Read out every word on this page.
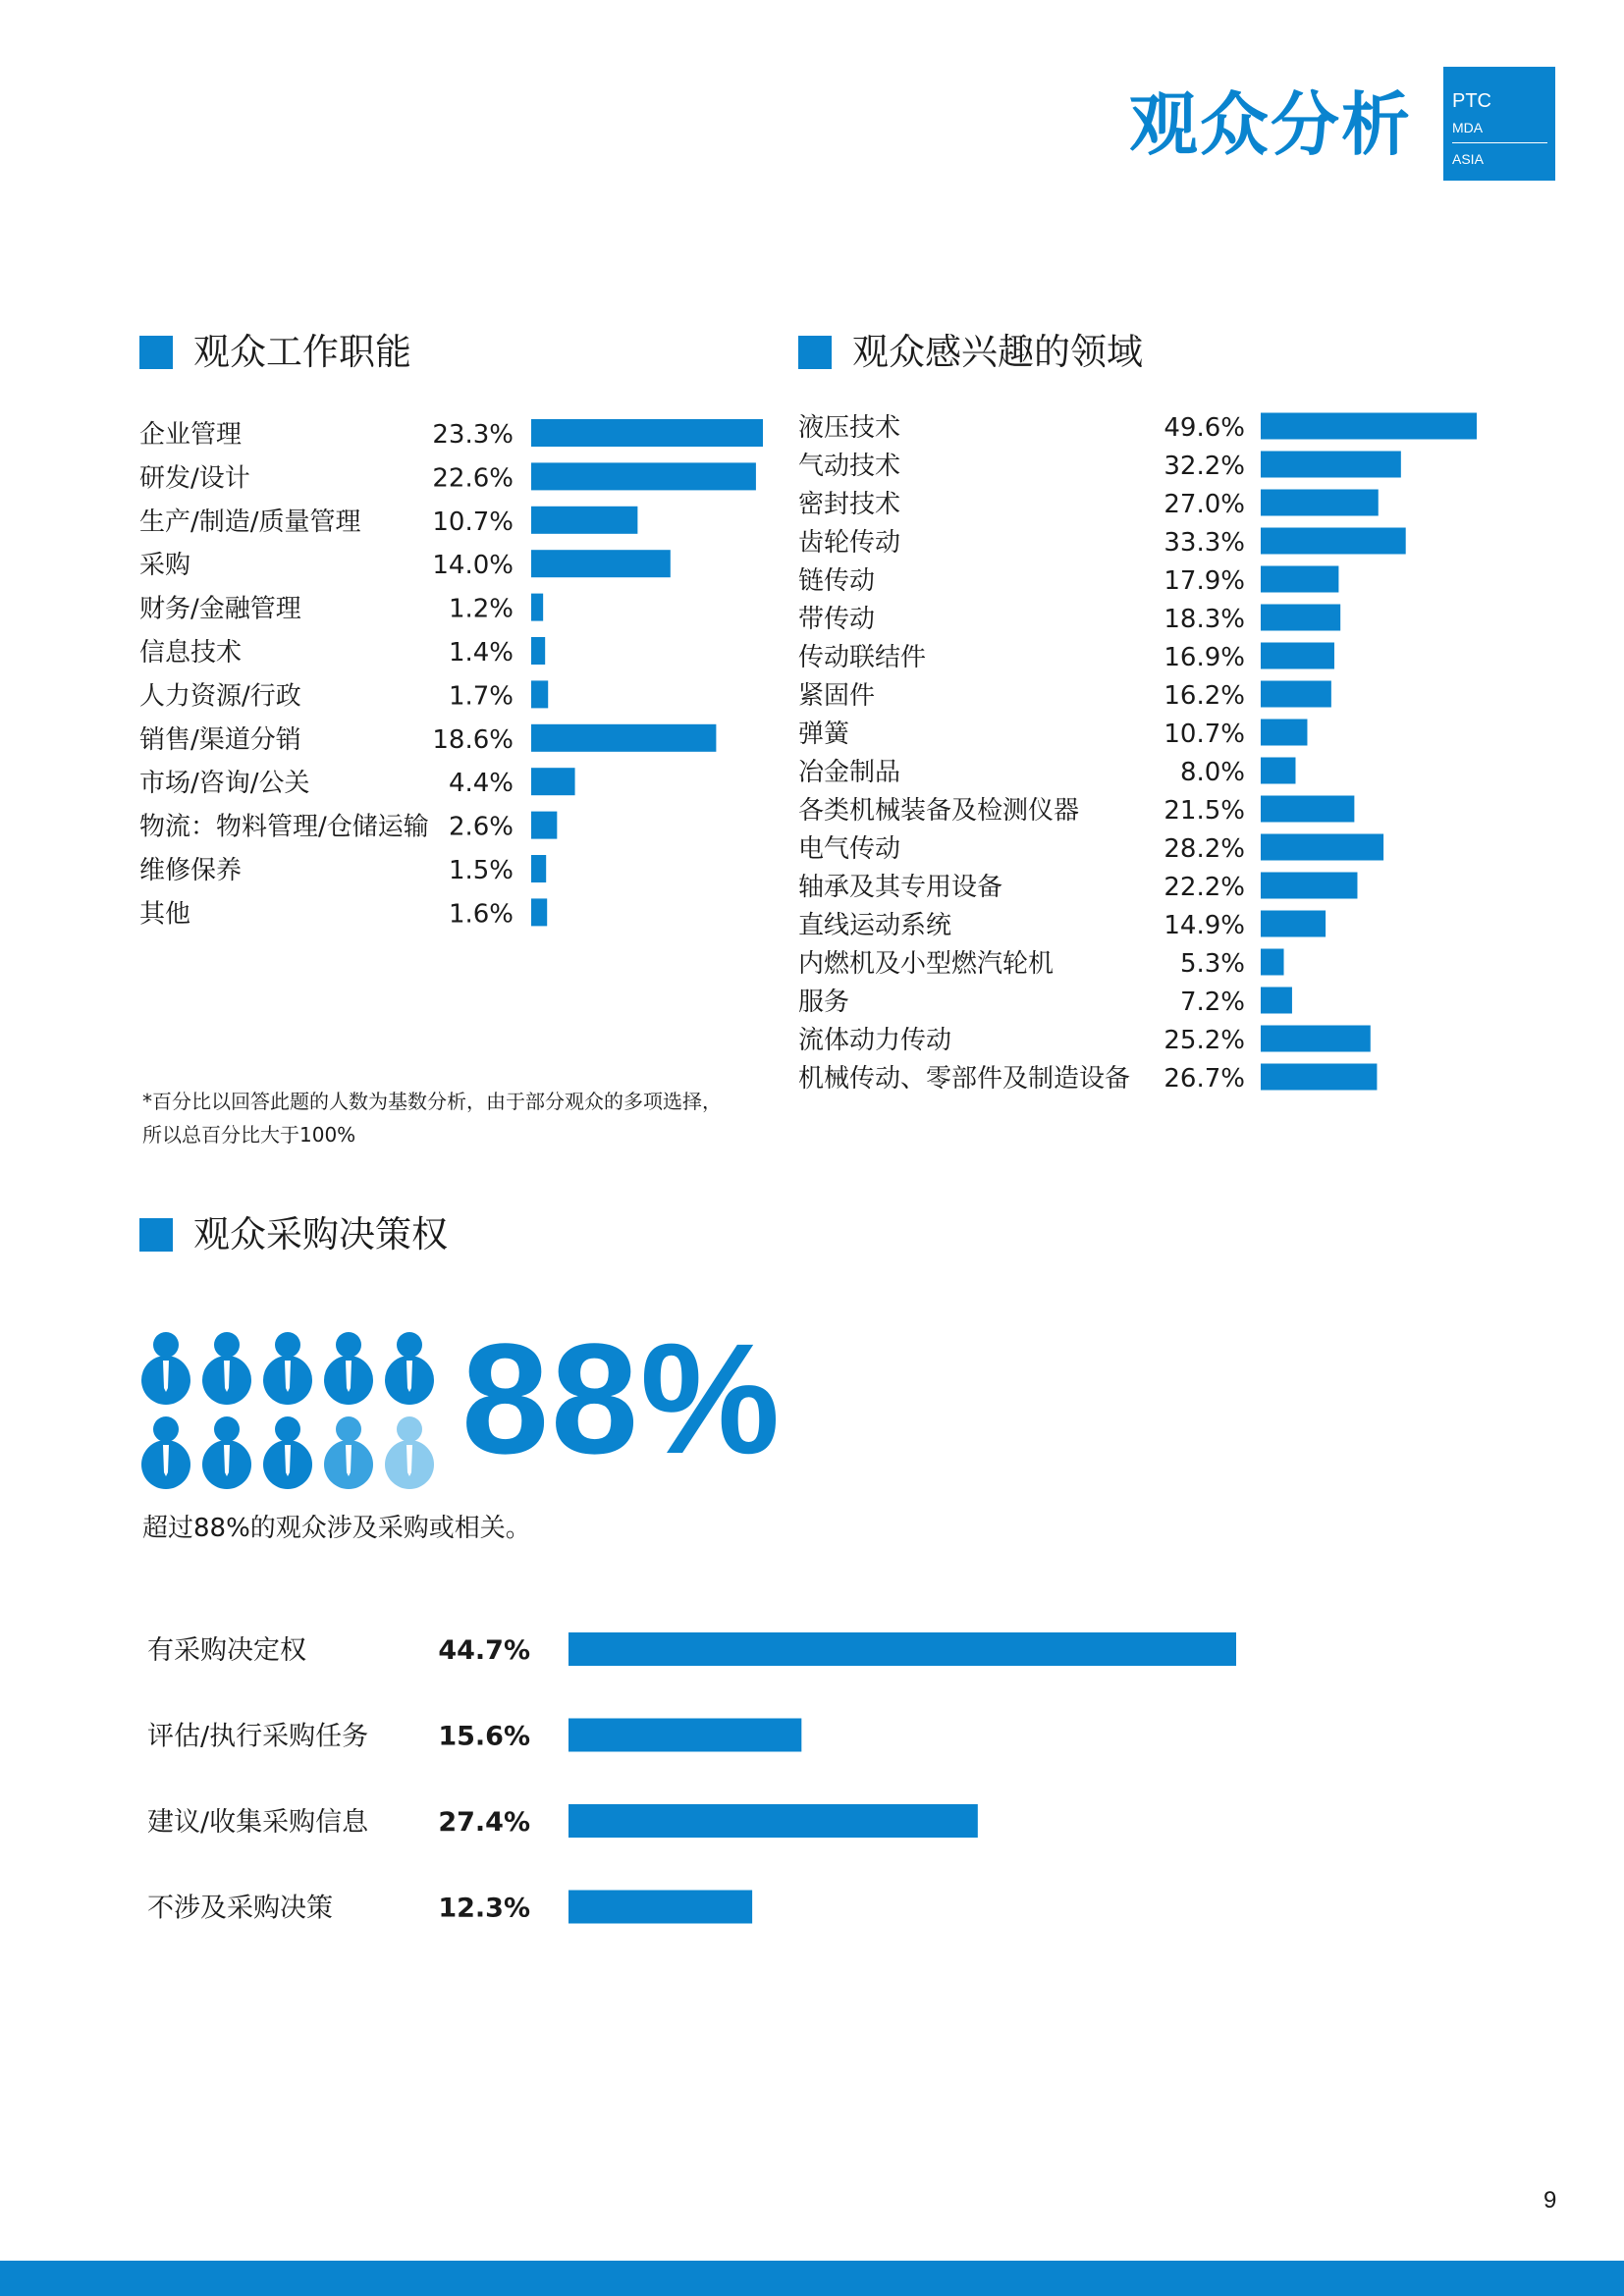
观众分析	PTC
MDA
ASIA
观众工作职能
企业管理	23.3%
研发/设计	22.6%
生产/制造/质量管理	10.7%
采购	14.0%
财务/金融管理	1.2%
信息技术	1.4%
人力资源/行政	1.7%
销售/渠道分销	18.6%
市场/咨询/公关	4.4%
物流：物料管理/仓储运输 2.6%
维修保养	1.5%
其他	1.6%
观众感兴趣的领域
液压技术	49.6%
气动技术	32.2%
密封技术	27.0%
齿轮传动	33.3%
链传动	17.9%
带传动	18.3%
传动联结件	16.9%
紧固件	16.2%
弹簧	10.7%
冶金制品	8.0%
各类机械装备及检测仪器	21.5%
电气传动	28.2%
轴承及其专用设备	22.2%
直线运动系统	14.9%
内燃机及小型燃汽轮机	5.3%
服务	7.2%
流体动力传动	25.2%
机械传动、零部件及制造设备 26.7%
*百分比以回答此题的人数为基数分析，由于部分观众的多项选择，
所以总百分比大于100%
观众采购决策权
88%
超过88%的观众涉及采购或相关。
有采购决定权	44.7%
评估/执行采购任务	15.6%
建议/收集采购信息	27.4%
不涉及采购决策	12.3%
9
